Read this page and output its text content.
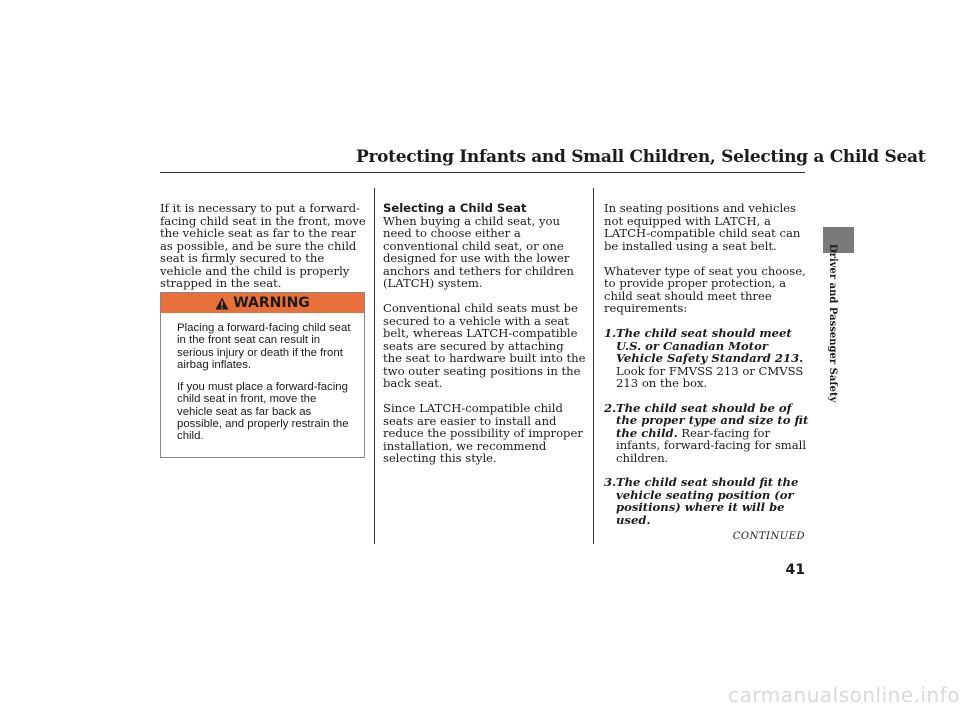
Protecting Infants and Small Children, Selecting a Child Seat

If it is necessary to put a forward-facing child seat in the front, move the vehicle seat as far to the rear as possible, and be sure the child seat is firmly secured to the vehicle and the child is properly strapped in the seat.

WARNING

Placing a forward-facing child seat in the front seat can result in serious injury or death if the front airbag inflates.

If you must place a forward-facing child seat in front, move the vehicle seat as far back as possible, and properly restrain the child.

Selecting a Child Seat

When buying a child seat, you need to choose either a conventional child seat, or one designed for use with the lower anchors and tethers for children (LATCH) system.

Conventional child seats must be secured to a vehicle with a seat belt, whereas LATCH-compatible seats are secured by attaching the seat to hardware built into the two outer seating positions in the back seat.

Since LATCH-compatible child seats are easier to install and reduce the possibility of improper installation, we recommend selecting this style.

In seating positions and vehicles not equipped with LATCH, a LATCH-compatible child seat can be installed using a seat belt.

Whatever type of seat you choose, to provide proper protection, a child seat should meet three requirements:

1. The child seat should meet U.S. or Canadian Motor Vehicle Safety Standard 213. Look for FMVSS 213 or CMVSS 213 on the box.
2. The child seat should be of the proper type and size to fit the child. Rear-facing for infants, forward-facing for small children.
3. The child seat should fit the vehicle seating position (or positions) where it will be used.
CONTINUED
41
Driver and Passenger Safety
carmanualsonline.info
